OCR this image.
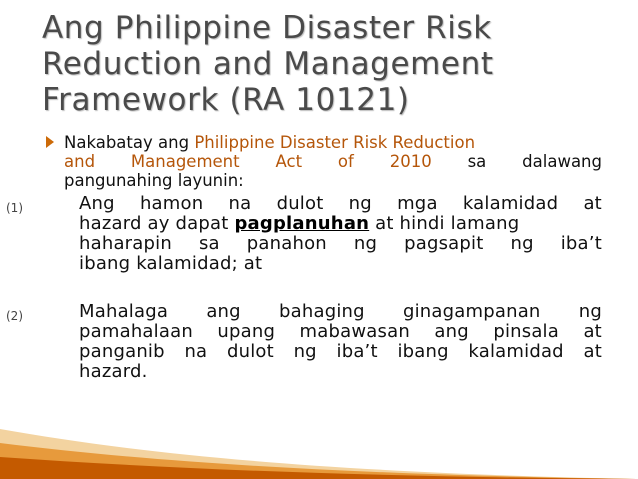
Ang Philippine Disaster Risk
Reduction and Management
Framework (RA 10121)
Nakabatay ang Philippine Disaster Risk Reduction
and Management Act of 2010 sa dalawang
pangunahing layunin:
(1)	Ang hamon na dulot ng mga kalamidad at
hazard ay dapat pagplanuhan at hindi lamang
haharapin sa panahon ng pagsapit ng iba’t
ibang kalamidad; at
(2)	Mahalaga ang bahaging ginagampanan ng
pamahalaan upang mabawasan ang pinsala at
panganib na dulot ng iba’t ibang kalamidad at
hazard.
